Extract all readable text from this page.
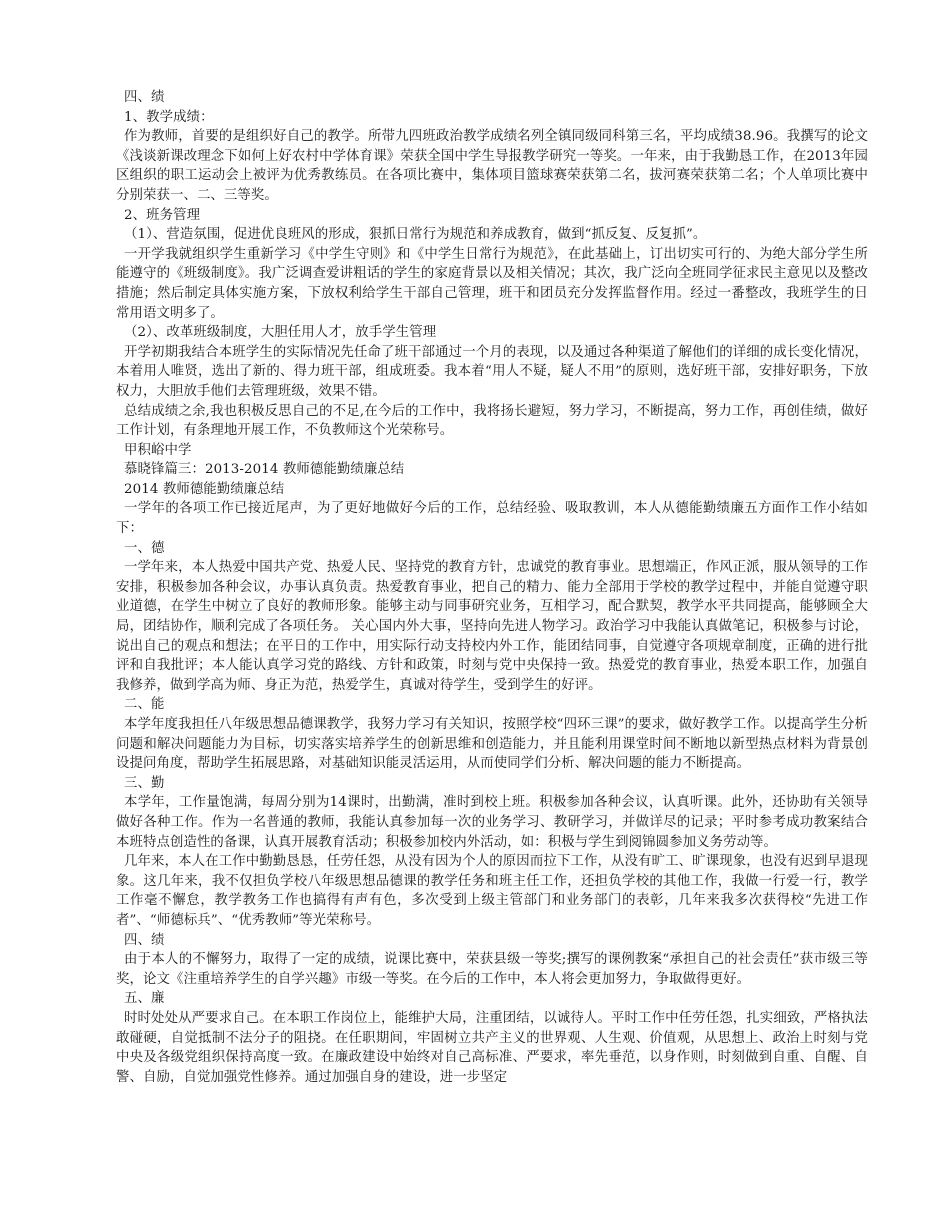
四、绩

1、教学成绩：

作为教师，首要的是组织好自己的教学。所带九四班政治教学成绩名列全镇同级同科第三名，平均成绩38.96。我撰写的论文《浅谈新课改理念下如何上好农村中学体育课》荣获全国中学生导报教学研究一等奖。一年来，由于我勤恳工作，在2013年园区组织的职工运动会上被评为优秀教练员。在各项比赛中，集体项目篮球赛荣获第二名，拔河赛荣获第二名；个人单项比赛中分别荣获一、二、三等奖。

2、班务管理

（1）、营造氛围，促进优良班风的形成，狠抓日常行为规范和养成教育，做到“抓反复、反复抓”。

一开学我就组织学生重新学习《中学生守则》和《中学生日常行为规范》，在此基础上，订出切实可行的、为绝大部分学生所能遵守的《班级制度》。我广泛调查爱讲粗话的学生的家庭背景以及相关情况；其次，我广泛向全班同学征求民主意见以及整改措施；然后制定具体实施方案，下放权利给学生干部自己管理，班干和团员充分发挥监督作用。经过一番整改，我班学生的日常用语文明多了。

（2）、改革班级制度，大胆任用人才，放手学生管理

开学初期我结合本班学生的实际情况先任命了班干部通过一个月的表现，以及通过各种渠道了解他们的详细的成长变化情况，本着用人唯贤，选出了新的、得力班干部，组成班委。我本着“用人不疑，疑人不用”的原则，选好班干部，安排好职务，下放权力，大胆放手他们去管理班级，效果不错。

总结成绩之余,我也积极反思自己的不足,在今后的工作中，我将扬长避短，努力学习，不断提高，努力工作，再创佳绩，做好工作计划，有条理地开展工作，不负教师这个光荣称号。

甲积峪中学

慕晓锋篇三：2013-2014 教师德能勤绩廉总结

2014 教师德能勤绩廉总结

一学年的各项工作已接近尾声，为了更好地做好今后的工作，总结经验、吸取教训，本人从德能勤绩廉五方面作工作小结如下：

一、德

一学年来，本人热爱中国共产党、热爱人民、坚持党的教育方针，忠诚党的教育事业。思想端正，作风正派，服从领导的工作安排，积极参加各种会议，办事认真负责。热爱教育事业，把自己的精力、能力全部用于学校的教学过程中，并能自觉遵守职业道德，在学生中树立了良好的教师形象。能够主动与同事研究业务，互相学习，配合默契，教学水平共同提高，能够顾全大局，团结协作，顺利完成了各项任务。 关心国内外大事，坚持向先进人物学习。政治学习中我能认真做笔记，积极参与讨论，说出自己的观点和想法；在平日的工作中，用实际行动支持校内外工作，能团结同事，自觉遵守各项规章制度，正确的进行批评和自我批评；本人能认真学习党的路线、方针和政策，时刻与党中央保持一致。热爱党的教育事业，热爱本职工作，加强自我修养，做到学高为师、身正为范，热爱学生，真诚对待学生，受到学生的好评。

二、能

本学年度我担任八年级思想品德课教学，我努力学习有关知识，按照学校“四环三课”的要求，做好教学工作。以提高学生分析问题和解决问题能力为目标，切实落实培养学生的创新思维和创造能力，并且能利用课堂时间不断地以新型热点材料为背景创设提问角度，帮助学生拓展思路，对基础知识能灵活运用，从而使同学们分析、解决问题的能力不断提高。

三、勤

本学年，工作量饱满，每周分别为14课时，出勤满，准时到校上班。积极参加各种会议，认真听课。此外，还协助有关领导做好各种工作。作为一名普通的教师，我能认真参加每一次的业务学习、教研学习，并做详尽的记录；平时参考成功教案结合本班特点创造性的备课，认真开展教育活动；积极参加校内外活动，如：积极与学生到阅锦圆参加义务劳动等。

几年来，本人在工作中勤勤恳恳，任劳任怨，从没有因为个人的原因而拉下工作，从没有旷工、旷课现象，也没有迟到早退现象。这几年来，我不仅担负学校八年级思想品德课的教学任务和班主任工作，还担负学校的其他工作，我做一行爱一行，教学工作毫不懈怠，教学教务工作也搞得有声有色，多次受到上级主管部门和业务部门的表彰，几年来我多次获得校“先进工作者”、“师德标兵”、“优秀教师”等光荣称号。

四、绩

由于本人的不懈努力，取得了一定的成绩，说课比赛中，荣获县级一等奖;撰写的课例教案“承担自己的社会责任”获市级三等奖，论文《注重培养学生的自学兴趣》市级一等奖。在今后的工作中，本人将会更加努力，争取做得更好。

五、廉

时时处处从严要求自己。在本职工作岗位上，能维护大局，注重团结，以诚待人。平时工作中任劳任怨，扎实细致，严格执法敢碰硬，自觉抵制不法分子的阻挠。在任职期间，牢固树立共产主义的世界观、人生观、价值观，从思想上、政治上时刻与党中央及各级党组织保持高度一致。在廉政建设中始终对自己高标准、严要求，率先垂范，以身作则，时刻做到自重、自醒、自警、自励，自觉加强党性修养。通过加强自身的建设，进一步坚定
